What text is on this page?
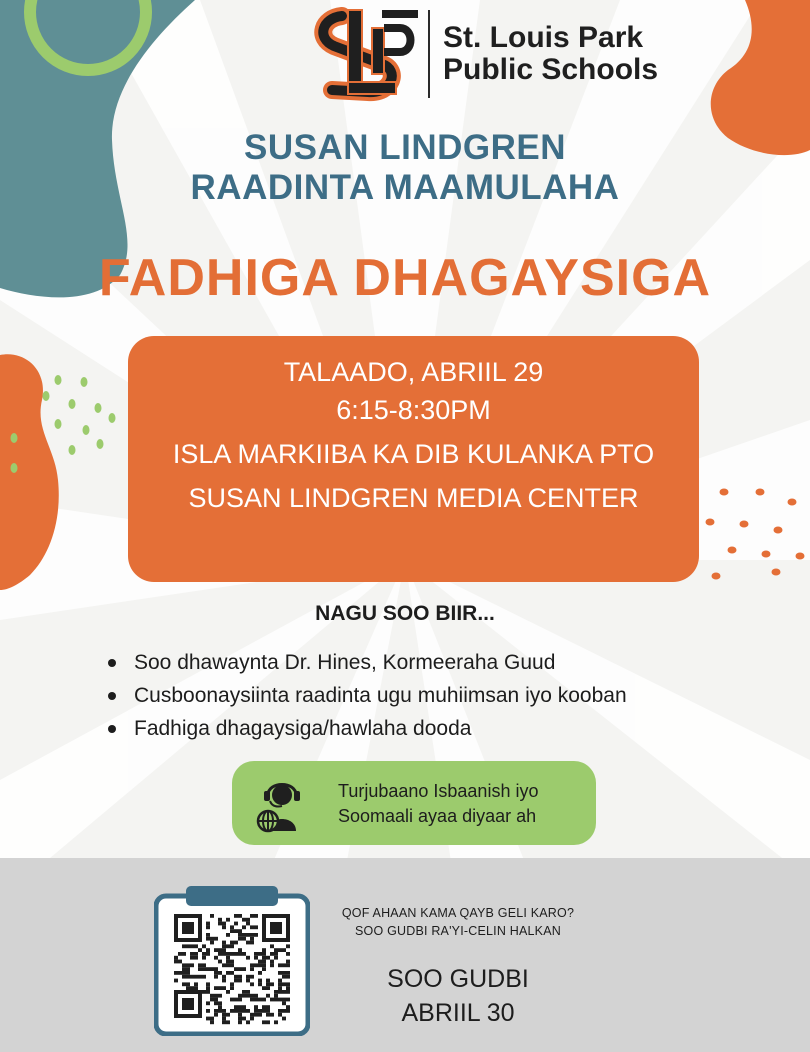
St. Louis Park
Public Schools
SUSAN LINDGREN
RAADINTA MAAMULAHA
FADHIGA DHAGAYSIGA
TALAADO, ABRIIL 29
6:15-8:30PM
ISLA MARKIIBA KA DIB KULANKA PTO
SUSAN LINDGREN MEDIA CENTER
NAGU SOO BIIR...
Soo dhawaynta Dr. Hines, Kormeeraha Guud
Cusboonaysiinta raadinta ugu muhiimsan iyo kooban
Fadhiga dhagaysiga/hawlaha dooda
Turjubaano Isbaanish iyo
Soomaali ayaa diyaar ah
QOF AHAAN KAMA QAYB GELI KARO?
SOO GUDBI RA'YI-CELIN HALKAN
SOO GUDBI
ABRIIL 30
